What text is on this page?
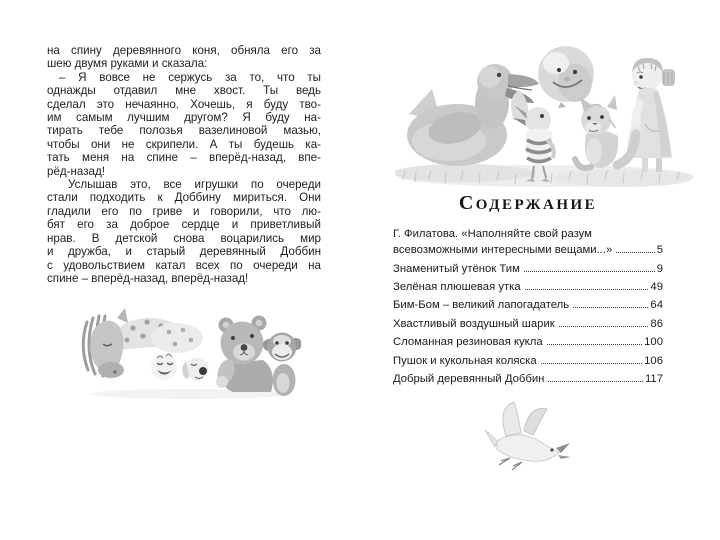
на спину деревянного коня, обняла его за
шею двумя руками и сказала:
– Я вовсе не сержусь за то, что ты
однажды отдавил мне хвост. Ты ведь
сделал это нечаянно. Хочешь, я буду тво-
им самым лучшим другом? Я буду на-
тирать тебе полозья вазелиновой мазью,
чтобы они не скрипели. А ты будешь ка-
тать меня на спине – вперёд-назад, впе-
рёд-назад!
Услышав это, все игрушки по очереди
стали подходить к Доббину мириться. Они
гладили его по гриве и говорили, что лю-
бят его за доброе сердце и приветливый
нрав. В детской снова воцарились мир
и дружба, и старый деревянный Доббин
с удовольствием катал всех по очереди на
спине – вперёд-назад, вперёд-назад!
СОДЕРЖАНИЕ
Г. Филатова. «Наполняйте свой разум
всевозможными интересными вещами...»	5
Знаменитый утёнок Тим	9
Зелёная плюшевая утка	49
Бим-Бом – великий лапогадатель	64
Хвастливый воздушный шарик	86
Сломанная резиновая кукла	100
Пушок и кукольная коляска	106
Добрый деревянный Доббин	117
